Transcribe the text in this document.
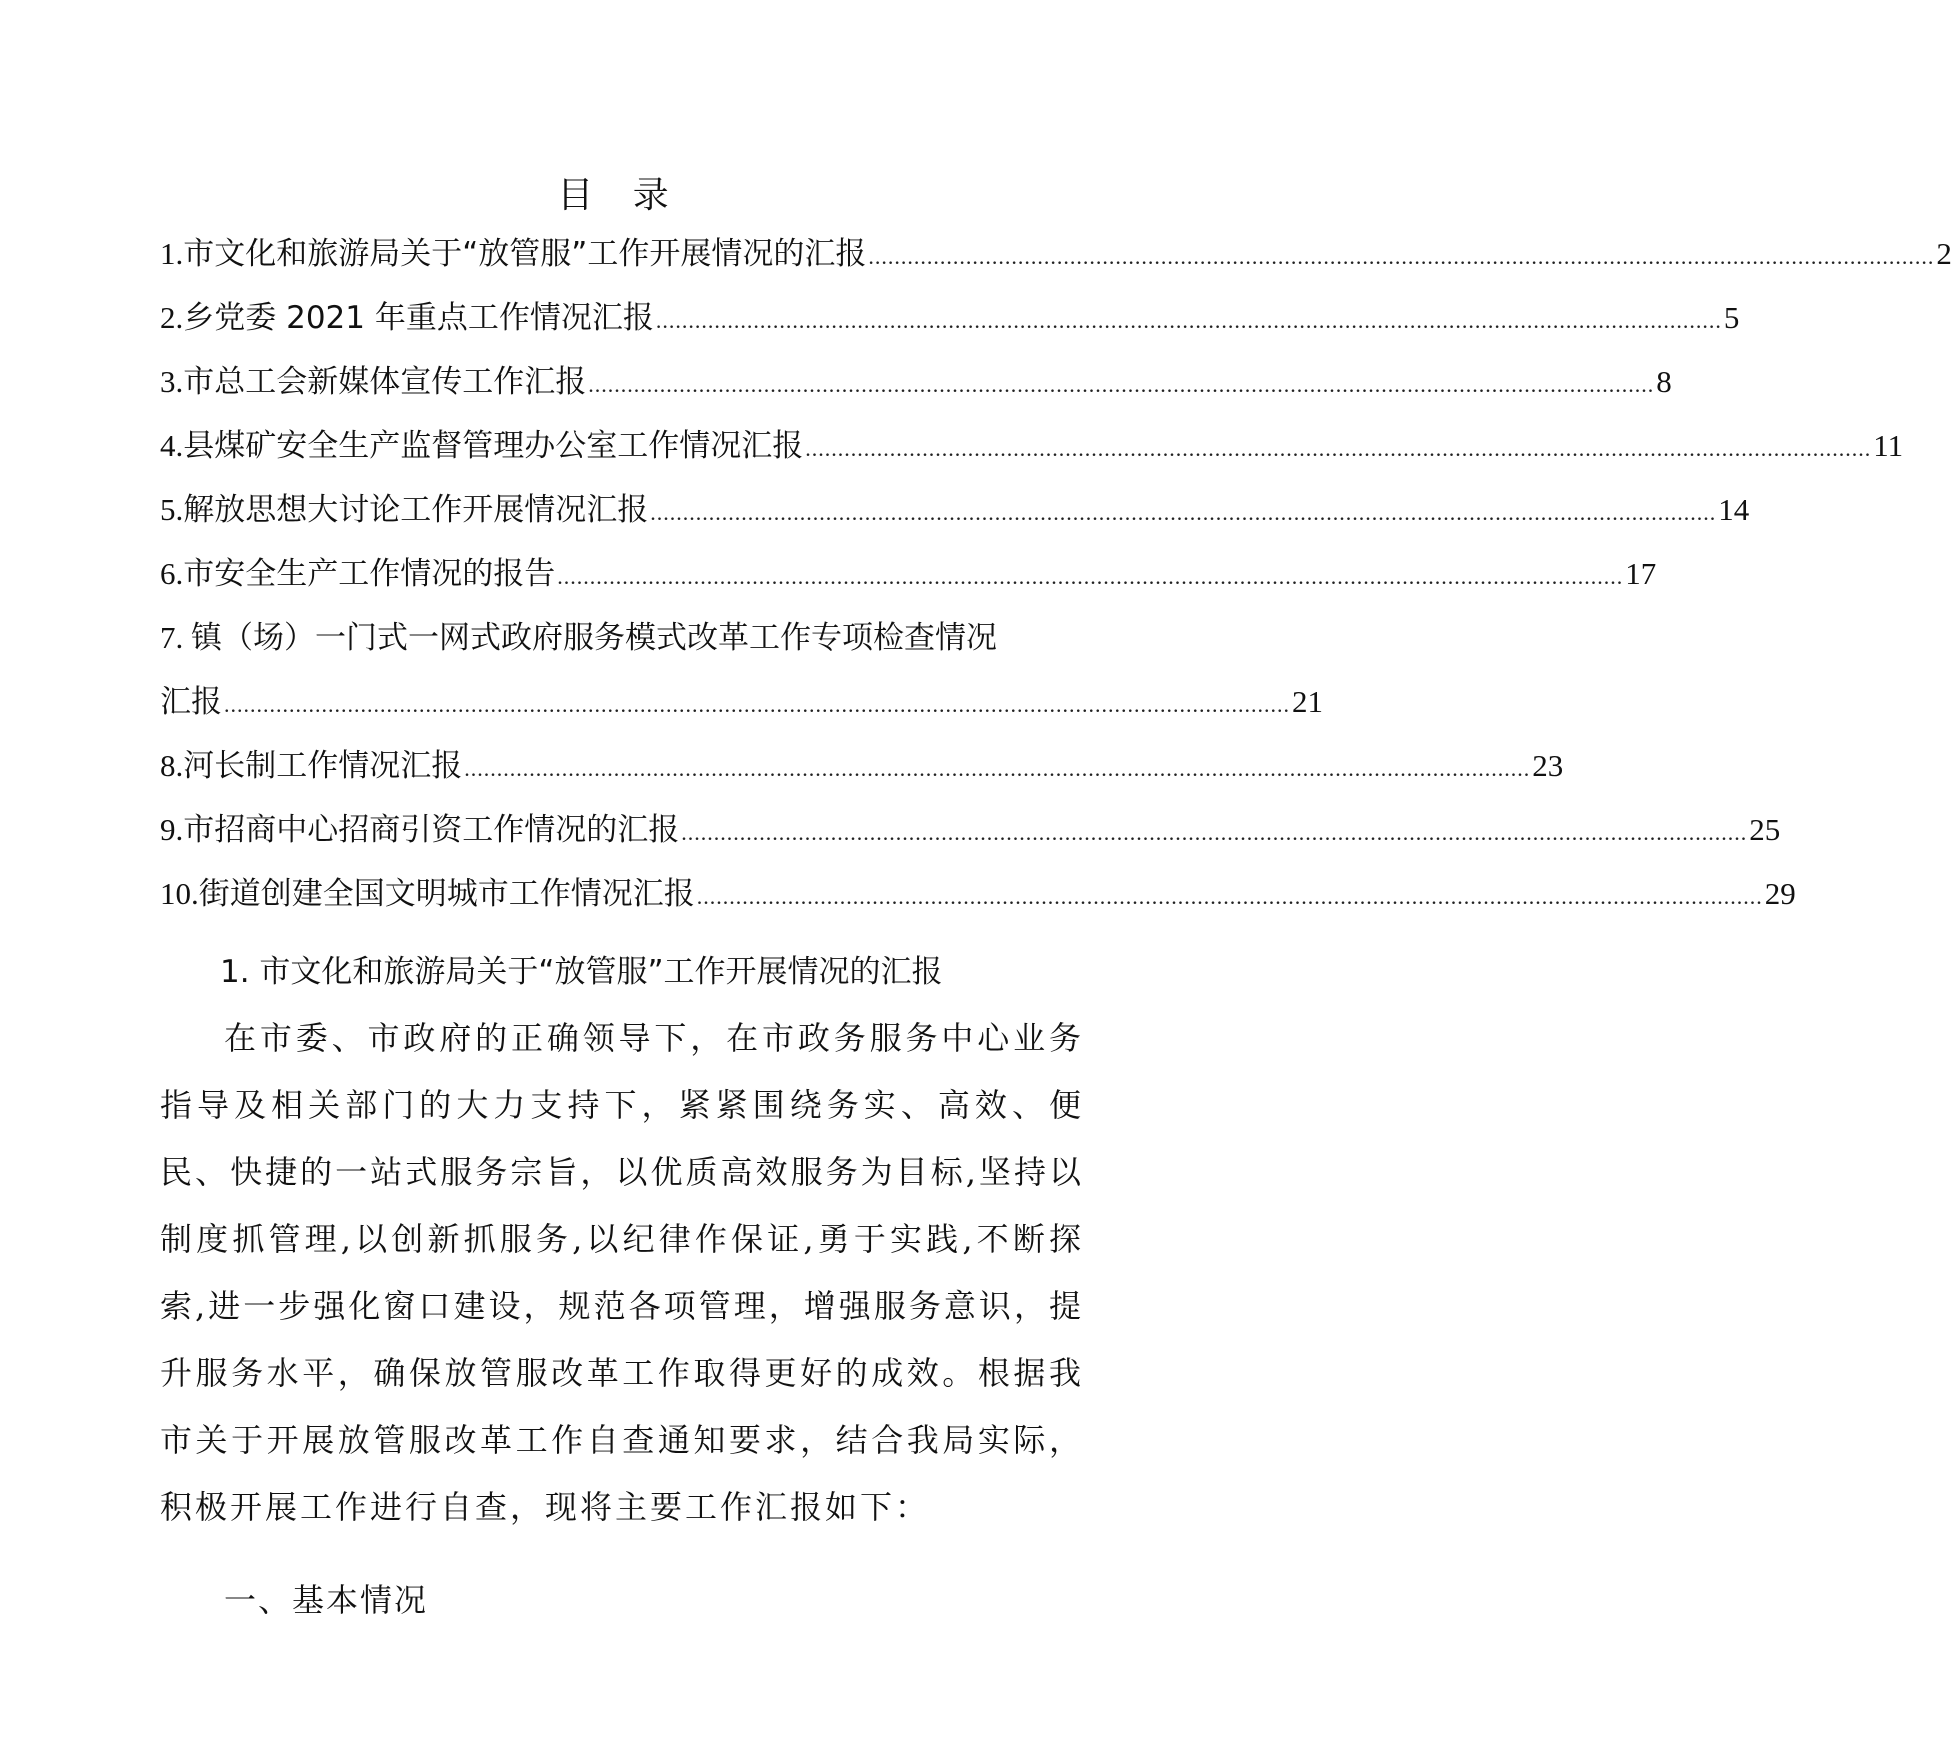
目 录
1. 市文化和旅游局关于“放管服”工作开展情况的汇报 .................................................................................................................................................................... 2
2. 乡党委 2021 年重点工作情况汇报 .................................................................................................................................................................... 5
3. 市总工会新媒体宣传工作汇报 .................................................................................................................................................................... 8
4. 县煤矿安全生产监督管理办公室工作情况汇报 .................................................................................................................................................................... 11
5. 解放思想大讨论工作开展情况汇报 .................................................................................................................................................................... 14
6. 市安全生产工作情况的报告 .................................................................................................................................................................... 17
7. 镇（场）一门式一网式政府服务模式改革工作专项检查情况
汇报 .................................................................................................................................................................... 21
8. 河长制工作情况汇报 .................................................................................................................................................................... 23
9. 市招商中心招商引资工作情况的汇报 .................................................................................................................................................................... 25
10. 街道创建全国文明城市工作情况汇报 .................................................................................................................................................................... 29
1. 市文化和旅游局关于“放管服”工作开展情况的汇报

在市委、市政府的正确领导下，在市政务服务中心业务指导及相关部门的大力支持下，紧紧围绕务实、高效、便民、快捷的一站式服务宗旨，以优质高效服务为目标,坚持以制度抓管理,以创新抓服务,以纪律作保证,勇于实践,不断探索,进一步强化窗口建设，规范各项管理，增强服务意识，提升服务水平，确保放管服改革工作取得更好的成效。根据我市关于开展放管服改革工作自查通知要求，结合我局实际，积极开展工作进行自查，现将主要工作汇报如下：

一、基本情况
